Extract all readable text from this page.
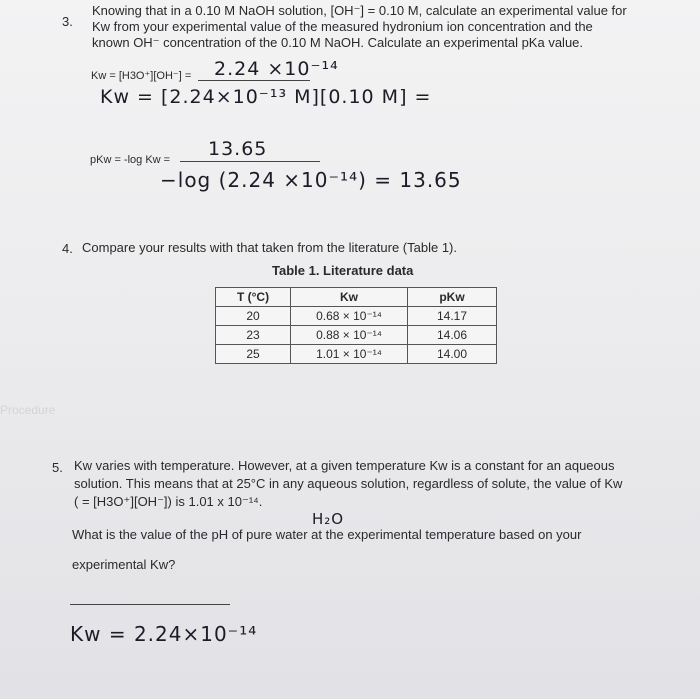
3.
Knowing that in a 0.10 M NaOH solution, [OH⁻] = 0.10 M, calculate an experimental value for
Kw from your experimental value of the measured hydronium ion concentration and the
known OH⁻ concentration of the 0.10 M NaOH. Calculate an experimental pKa value.
Kw = [H3O⁺][OH⁻] = 2.24 ×10⁻¹⁴
Kw = [2.24×10⁻¹³ M][0.10 M] =
pKw = -log Kw = 13.65
−log (2.24 ×10⁻¹⁴) = 13.65
4. Compare your results with that taken from the literature (Table 1).
Table 1. Literature data
T (°C)	Kw	pKw
20	0.68 × 10⁻¹⁴	14.17
23	0.88 × 10⁻¹⁴	14.06
25	1.01 × 10⁻¹⁴	14.00
Procedure
5. Kw varies with temperature. However, at a given temperature Kw is a constant for an aqueous
solution. This means that at 25°C in any aqueous solution, regardless of solute, the value of Kw
( = [H3O⁺][OH⁻]) is 1.01 x 10⁻¹⁴.
H₂O
What is the value of the pH of pure water at the experimental temperature based on your
experimental Kw?
Kw = 2.24×10⁻¹⁴
